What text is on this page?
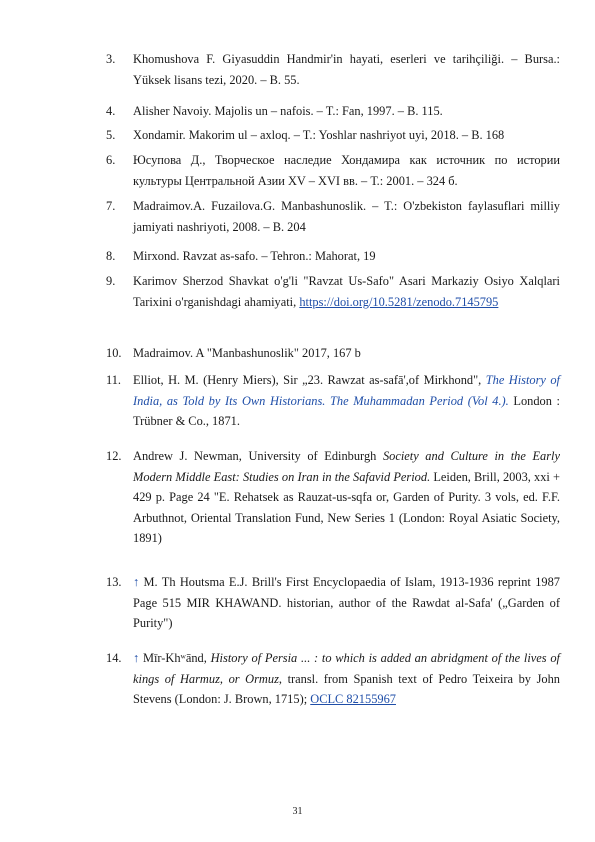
3.	Khomushova F. Giyasuddin Handmir'in hayati, eserleri ve tarihçiliği. – Bursa.: Yüksek lisans tezi, 2020. – B. 55.
4.	Alisher Navoiy. Majolis un – nafois. – T.: Fan, 1997. – B. 115.
5.	Xondamir. Makorim ul – axloq. – T.: Yoshlar nashriyot uyi, 2018. – B. 168
6.	Юсупова Д., Творческое наследие Хондамира как источник по истории культуры Центральной Азии XV – XVI вв. – Т.: 2001. – 324 б.
7.	Madraimov.A. Fuzailova.G. Manbashunoslik. – T.: O'zbekiston faylasuflari milliy jamiyati nashriyoti, 2008. – B. 204
8.	Mirxond. Ravzat as-safo. – Tehron.: Mahorat, 19
9.	Karimov Sherzod Shavkat o'g'li "Ravzat Us-Safo" Asari Markaziy Osiyo Xalqlari Tarixini o'rganishdagi ahamiyati, https://doi.org/10.5281/zenodo.7145795
10. Madraimov. A "Manbashunoslik" 2017, 167 b
11. Elliot, H. M. (Henry Miers), Sir „23. Rawzat as-safā',of Mirkhond", The History of India, as Told by Its Own Historians. The Muhammadan Period (Vol 4.). London : Trübner & Co., 1871.
12. Andrew J. Newman, University of Edinburgh Society and Culture in the Early Modern Middle East: Studies on Iran in the Safavid Period. Leiden, Brill, 2003, xxi + 429 p. Page 24 "E. Rehatsek as Rauzat-us-sqfa or, Garden of Purity. 3 vols, ed. F.F. Arbuthnot, Oriental Translation Fund, New Series 1 (London: Royal Asiatic Society, 1891)
13. ↑ M. Th Houtsma E.J. Brill's First Encyclopaedia of Islam, 1913-1936 reprint 1987 Page 515 MIR KHAWAND. historian, author of the Rawdat al-Safa' („Garden of Purity")
14. ↑ Mīr-Khʷānd, History of Persia ... : to which is added an abridgment of the lives of kings of Harmuz, or Ormuz, transl. from Spanish text of Pedro Teixeira by John Stevens (London: J. Brown, 1715); OCLC 82155967
31
